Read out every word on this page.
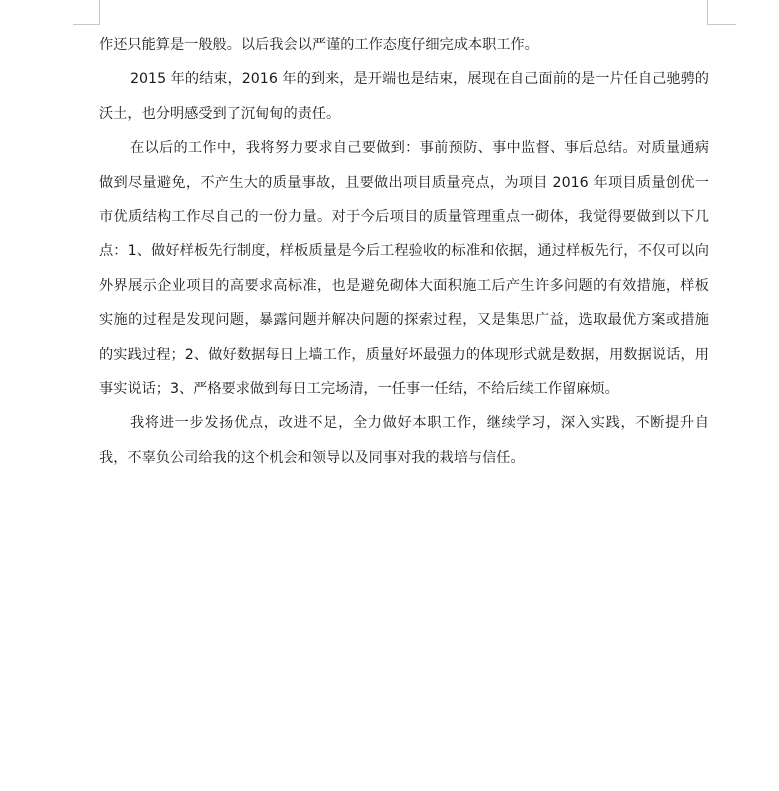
作还只能算是一般般。以后我会以严谨的工作态度仔细完成本职工作。

2015 年的结束，2016 年的到来，是开端也是结束，展现在自己面前的是一片任自己驰骋的沃土，也分明感受到了沉甸甸的责任。

在以后的工作中，我将努力要求自己要做到：事前预防、事中监督、事后总结。对质量通病做到尽量避免，不产生大的质量事故，且要做出项目质量亮点，为项目 2016 年项目质量创优一市优质结构工作尽自己的一份力量。对于今后项目的质量管理重点一砌体，我觉得要做到以下几点：1、做好样板先行制度，样板质量是今后工程验收的标准和依据，通过样板先行，不仅可以向外界展示企业项目的高要求高标准，也是避免砌体大面积施工后产生许多问题的有效措施，样板实施的过程是发现问题，暴露问题并解决问题的探索过程，又是集思广益，选取最优方案或措施的实践过程；2、做好数据每日上墙工作，质量好坏最强力的体现形式就是数据，用数据说话，用事实说话；3、严格要求做到每日工完场清，一任事一任结，不给后续工作留麻烦。

我将进一步发扬优点，改进不足，全力做好本职工作，继续学习，深入实践，不断提升自我，不辜负公司给我的这个机会和领导以及同事对我的栽培与信任。
